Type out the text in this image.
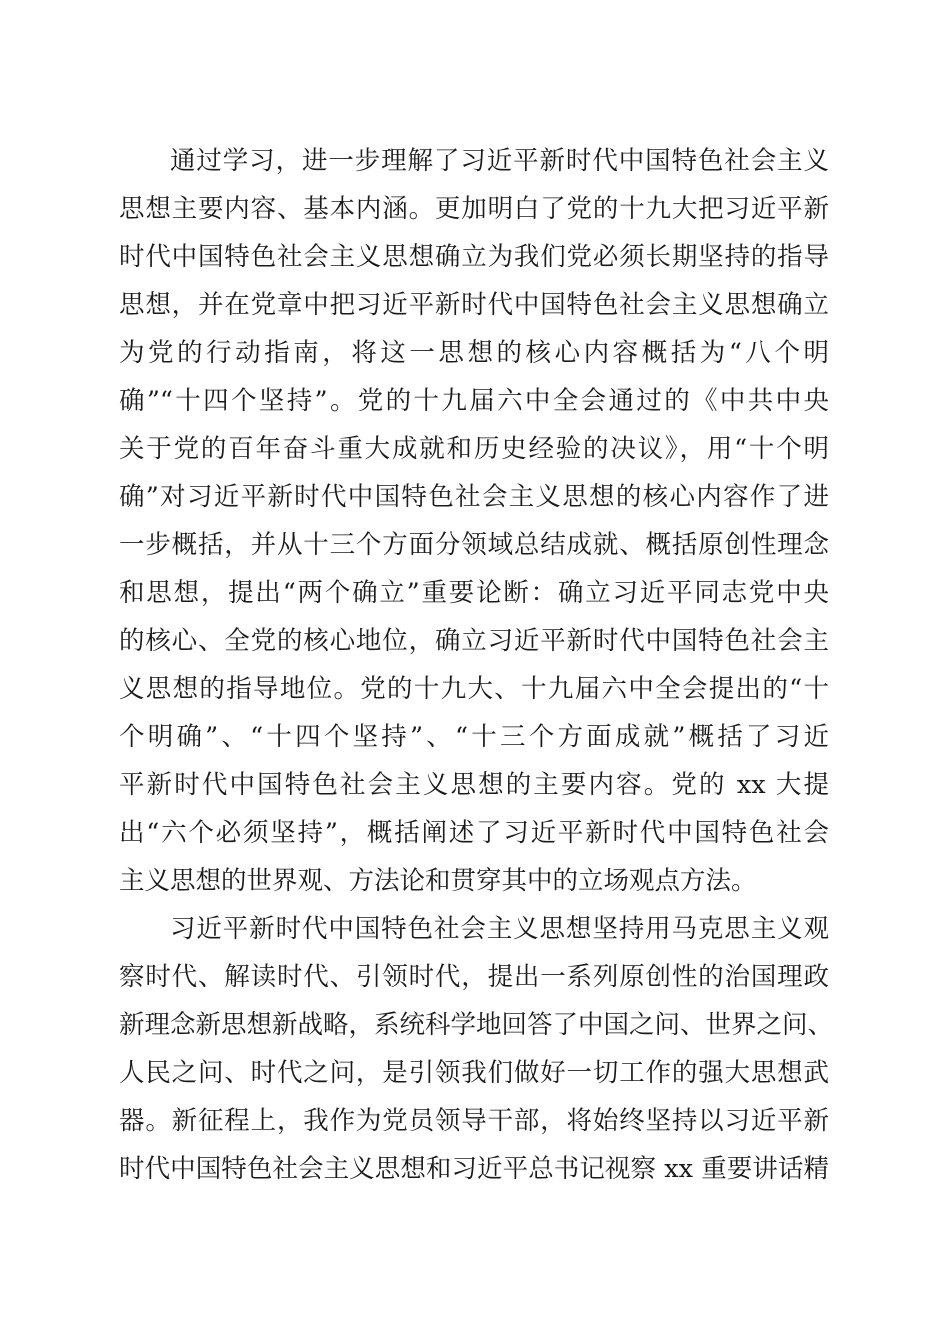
通过学习，进一步理解了习近平新时代中国特色社会主义
思想主要内容、基本内涵。更加明白了党的十九大把习近平新
时代中国特色社会主义思想确立为我们党必须长期坚持的指导
思想，并在党章中把习近平新时代中国特色社会主义思想确立
为党的行动指南，将这一思想的核心内容概括为“八个明
确”“十四个坚持”。党的十九届六中全会通过的《中共中央
关于党的百年奋斗重大成就和历史经验的决议》，用“十个明
确”对习近平新时代中国特色社会主义思想的核心内容作了进
一步概括，并从十三个方面分领域总结成就、概括原创性理念
和思想，提出“两个确立”重要论断：确立习近平同志党中央
的核心、全党的核心地位，确立习近平新时代中国特色社会主
义思想的指导地位。党的十九大、十九届六中全会提出的“十
个明确”、“十四个坚持”、“十三个方面成就”概括了习近
平新时代中国特色社会主义思想的主要内容。党的 xx 大提
出“六个必须坚持”，概括阐述了习近平新时代中国特色社会
主义思想的世界观、方法论和贯穿其中的立场观点方法。
习近平新时代中国特色社会主义思想坚持用马克思主义观
察时代、解读时代、引领时代，提出一系列原创性的治国理政
新理念新思想新战略，系统科学地回答了中国之问、世界之问、
人民之问、时代之问，是引领我们做好一切工作的强大思想武
器。新征程上，我作为党员领导干部，将始终坚持以习近平新
时代中国特色社会主义思想和习近平总书记视察 xx 重要讲话精
